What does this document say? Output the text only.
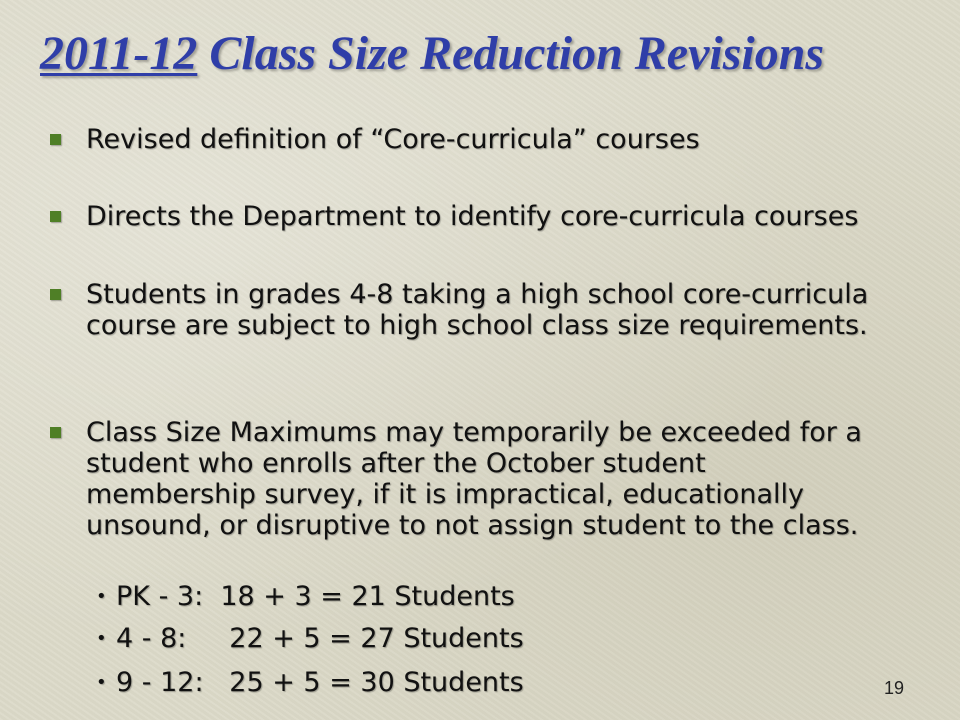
2011-12 Class Size Reduction Revisions
Revised definition of “Core-curricula” courses
Directs the Department to identify core-curricula courses
Students in grades 4-8 taking a high school core-curricula course are subject to high school class size requirements.
Class Size Maximums may temporarily be exceeded for a student who enrolls after the October student membership survey, if it is impractical, educationally unsound, or disruptive to not assign student to the class.
• PK - 3:  18 + 3 = 21 Students
• 4 - 8:     22 + 5 = 27 Students
• 9 - 12:   25 + 5 = 30 Students	19
